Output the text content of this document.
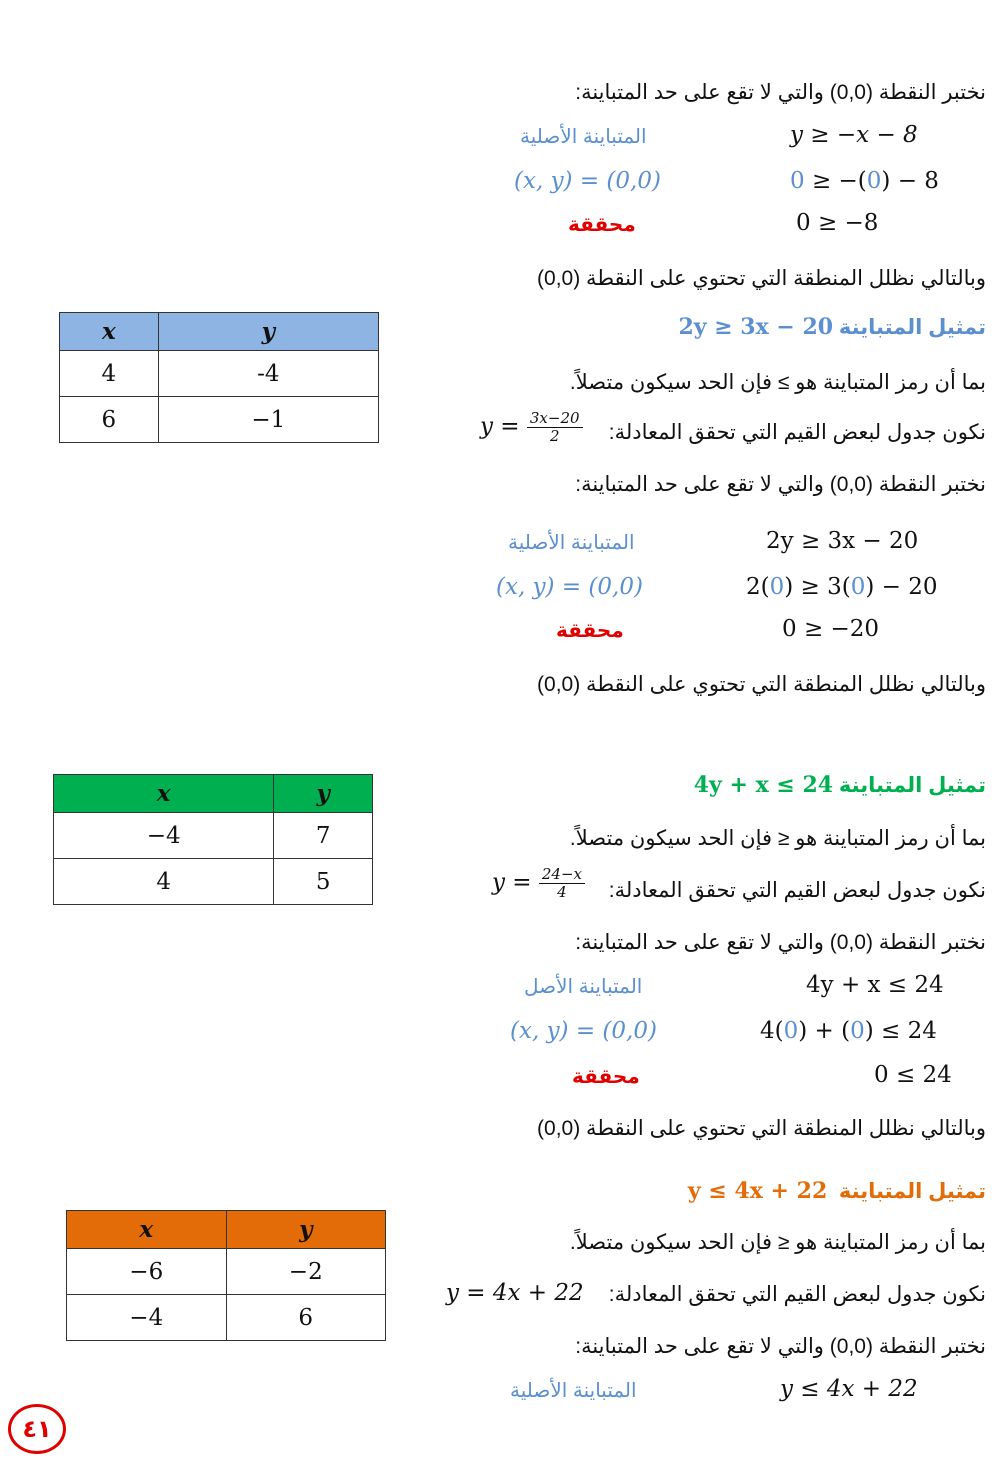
نختبر النقطة (0,0) والتي لا تقع على حد المتباينة:
المتباينة الأصلية	y ≥ −x − 8
(x, y) = (0,0)	0 ≥ −(0) − 8
محققة	0 ≥ −8
وبالتالي نظلل المنطقة التي تحتوي على النقطة (0,0)
تمثيل المتباينة 2y ≥ 3x − 20
بما أن رمز المتباينة هو ≥ فإن الحد سيكون متصلاً.
نكون جدول لبعض القيم التي تحقق المعادلة:
$y = \frac{3x-20}{2}$
نختبر النقطة (0,0) والتي لا تقع على حد المتباينة:
المتباينة الأصلية	2y ≥ 3x − 20
(x, y) = (0,0)	2(0) ≥ 3(0) − 20
محققة	0 ≥ −20
وبالتالي نظلل المنطقة التي تحتوي على النقطة (0,0)
x	y
4	-4
6	−1
تمثيل المتباينة 4y + x ≤ 24
بما أن رمز المتباينة هو ≤ فإن الحد سيكون متصلاً.
نكون جدول لبعض القيم التي تحقق المعادلة:
$y = \frac{24-x}{4}$
نختبر النقطة (0,0) والتي لا تقع على حد المتباينة:
المتباينة الأصل	4y + x ≤ 24
(x, y) = (0,0)	4(0) + (0) ≤ 24
محققة	0 ≤ 24
وبالتالي نظلل المنطقة التي تحتوي على النقطة (0,0)
x	y
−4	7
4	5
تمثيل المتباينة  y ≤ 4x + 22
بما أن رمز المتباينة هو ≤ فإن الحد سيكون متصلاً.
نكون جدول لبعض القيم التي تحقق المعادلة:
y = 4x + 22
نختبر النقطة (0,0) والتي لا تقع على حد المتباينة:
المتباينة الأصلية	y ≤ 4x + 22
x	y
−6	−2
−4	6
٤١
